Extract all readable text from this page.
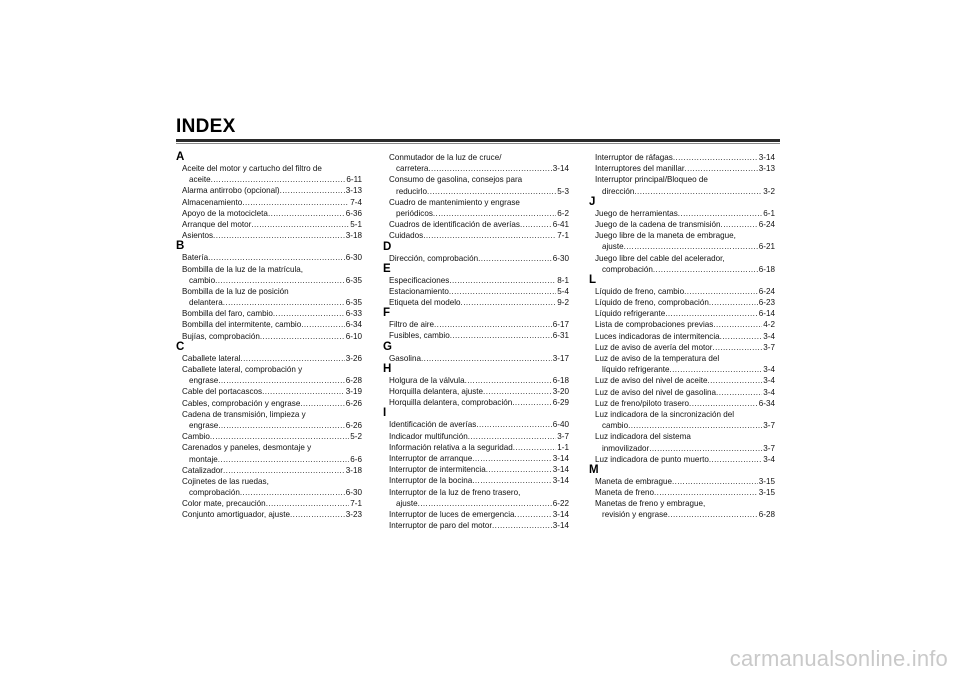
INDEX
A
Aceite del motor y cartucho del filtro de
aceite .....	6-11
Alarma antirrobo (opcional) .....	3-13
Almacenamiento .....	7-4
Apoyo de la motocicleta .....	6-36
Arranque del motor .....	5-1
Asientos .....	3-18
B
Batería .....	6-30
Bombilla de la luz de la matrícula,
cambio .....	6-35
Bombilla de la luz de posición
delantera .....	6-35
Bombilla del faro, cambio .....	6-33
Bombilla del intermitente, cambio .....	6-34
Bujías, comprobación .....	6-10
C
Caballete lateral .....	3-26
Caballete lateral, comprobación y
engrase .....	6-28
Cable del portacascos .....	3-19
Cables, comprobación y engrase .....	6-26
Cadena de transmisión, limpieza y
engrase .....	6-26
Cambio .....	5-2
Carenados y paneles, desmontaje y
montaje .....	6-6
Catalizador .....	3-18
Cojinetes de las ruedas,
comprobación .....	6-30
Color mate, precaución .....	7-1
Conjunto amortiguador, ajuste .....	3-23
Conmutador de la luz de cruce/
carretera .....	3-14
Consumo de gasolina, consejos para
reducirlo .....	5-3
Cuadro de mantenimiento y engrase
periódicos .....	6-2
Cuadros de identificación de averías .....	6-41
Cuidados .....	7-1
D
Dirección, comprobación .....	6-30
E
Especificaciones .....	8-1
Estacionamiento .....	5-4
Etiqueta del modelo .....	9-2
F
Filtro de aire .....	6-17
Fusibles, cambio .....	6-31
G
Gasolina .....	3-17
H
Holgura de la válvula .....	6-18
Horquilla delantera, ajuste .....	3-20
Horquilla delantera, comprobación .....	6-29
I
Identificación de averías .....	6-40
Indicador multifunción .....	3-7
Información relativa a la seguridad .....	1-1
Interruptor de arranque .....	3-14
Interruptor de intermitencia .....	3-14
Interruptor de la bocina .....	3-14
Interruptor de la luz de freno trasero,
ajuste .....	6-22
Interruptor de luces de emergencia .....	3-14
Interruptor de paro del motor .....	3-14
Interruptor de ráfagas .....	3-14
Interruptores del manillar .....	3-13
Interruptor principal/Bloqueo de
dirección .....	3-2
J
Juego de herramientas .....	6-1
Juego de la cadena de transmisión .....	6-24
Juego libre de la maneta de embrague,
ajuste .....	6-21
Juego libre del cable del acelerador,
comprobación .....	6-18
L
Líquido de freno, cambio .....	6-24
Líquido de freno, comprobación .....	6-23
Líquido refrigerante .....	6-14
Lista de comprobaciones previas .....	4-2
Luces indicadoras de intermitencia .....	3-4
Luz de aviso de avería del motor .....	3-7
Luz de aviso de la temperatura del
líquido refrigerante .....	3-4
Luz de aviso del nivel de aceite .....	3-4
Luz de aviso del nivel de gasolina .....	3-4
Luz de freno/piloto trasero .....	6-34
Luz indicadora de la sincronización del
cambio .....	3-7
Luz indicadora del sistema
inmovilizador .....	3-7
Luz indicadora de punto muerto .....	3-4
M
Maneta de embrague .....	3-15
Maneta de freno .....	3-15
Manetas de freno y embrague,
revisión y engrase .....	6-28
carmanualsonline.info
